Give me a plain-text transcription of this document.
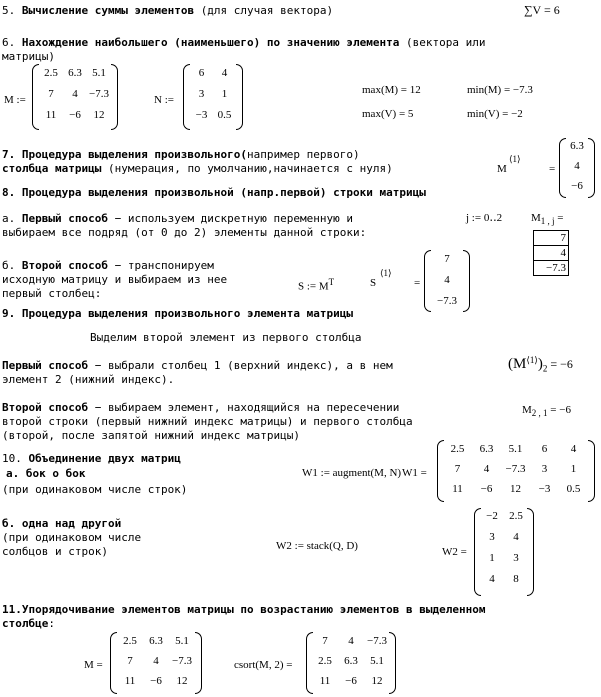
5. Вычисление суммы элементов (для случая вектора)	∑V = 6
6. Нахождение наибольшего (наименьшего) по значению элемента (вектора или
матрицы)
M :=
2.5 6.3 5.1
7	4	−7.3
11	−6	12
N :=
6	4
3	1
−3 0.5
max(M) = 12	min(M) = −7.3
max(V) = 5	min(V) = −2
7. Процедура выделения произвольного(например первого)
столбца матрицы (нумерация, по умолчанию,начинается с нуля)	M
⟨1⟩
=
6.3
4
−6
8. Процедура выделения произвольной (напр.первой) строки матрицы
а. Первый способ − используем дискретную переменную и
выбираем все подряд (от 0 до 2) элементы данной строки:
j := 0‥2	$M_{1 , j}$ =
7
4
−7.3
б. Второй способ − транспонируем
исходную матрицу и выбираем из нее
первый столбец:
S := $M^T$	S
⟨1⟩
=
7
4
−7.3
9. Процедура выделения произвольного элемента матрицы
Выделим второй элемент из первого столбца
Первый способ − выбрали столбец 1 (верхний индекс), а в нем
элемент 2 (нижний индекс).
$(M^{⟨1⟩})_2 = -6$
Второй способ − выбираем элемент, находящийся на пересечении
второй строки (первый нижний индекс матрицы) и первого столбца
(второй, после запятой нижний индекс матрицы)
$M_{2 , 1} = -6$
10. Объединение двух матриц
а. бок о бок
(при одинаковом числе строк)
W1 := augment(M, N) W1 =
2.5	6.3	5.1	6	4
7	4	−7.3	3	1
11	−6	12	−3	0.5
б. одна над другой
(при одинаковом числе
солбцов и строк)	W2 := stack(Q, D)	W2 =
−2	2.5
3	4
1	3
4	8
11.Упорядочивание элементов матрицы по возрастанию элементов в выделенном
столбце:
M =
2.5	6.3	5.1
7	4	−7.3
11	−6	12
csort(M, 2) =
7	4	−7.3
2.5	6.3	5.1
11	−6	12
